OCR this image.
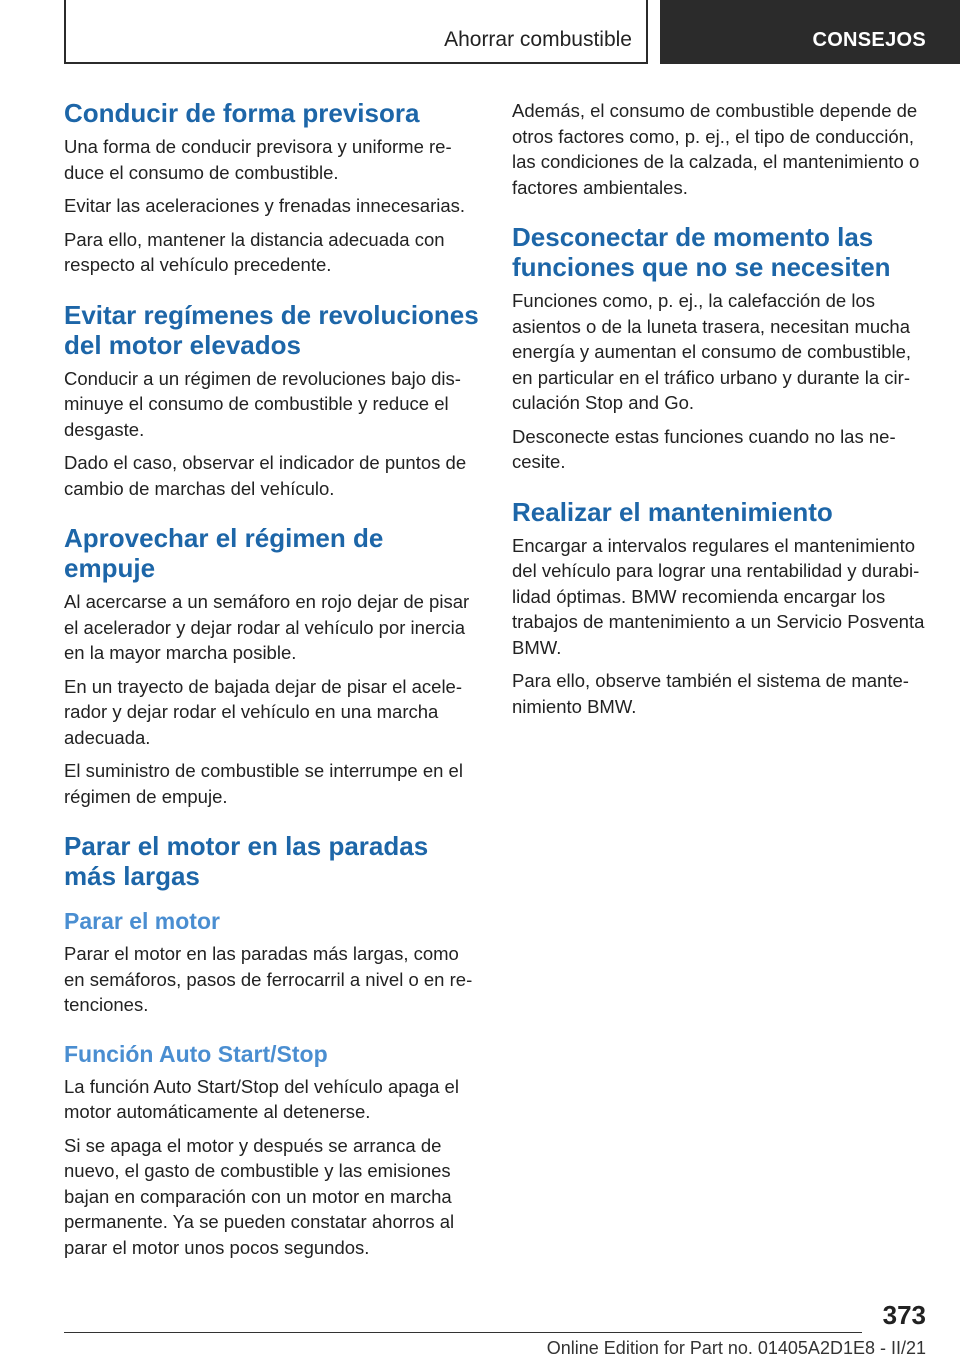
Ahorrar combustible	CONSEJOS
Conducir de forma previsora

Una forma de conducir previsora y uniforme reduce el consumo de combustible.

Evitar las aceleraciones y frenadas innecesarias.

Para ello, mantener la distancia adecuada con respecto al vehículo precedente.

Evitar regímenes de revoluciones del motor elevados

Conducir a un régimen de revoluciones bajo disminuye el consumo de combustible y reduce el desgaste.

Dado el caso, observar el indicador de puntos de cambio de marchas del vehículo.

Aprovechar el régimen de empuje

Al acercarse a un semáforo en rojo dejar de pisar el acelerador y dejar rodar al vehículo por inercia en la mayor marcha posible.

En un trayecto de bajada dejar de pisar el acelerador y dejar rodar el vehículo en una marcha adecuada.

El suministro de combustible se interrumpe en el régimen de empuje.

Parar el motor en las paradas más largas
Parar el motor

Parar el motor en las paradas más largas, como en semáforos, pasos de ferrocarril a nivel o en retenciones.

Función Auto Start/Stop

La función Auto Start/Stop del vehículo apaga el motor automáticamente al detenerse.

Si se apaga el motor y después se arranca de nuevo, el gasto de combustible y las emisiones bajan en comparación con un motor en marcha permanente. Ya se pueden constatar ahorros al parar el motor unos pocos segundos.

Además, el consumo de combustible depende de otros factores como, p. ej., el tipo de conducción, las condiciones de la calzada, el mantenimiento o factores ambientales.

Desconectar de momento las funciones que no se necesiten

Funciones como, p. ej., la calefacción de los asientos o de la luneta trasera, necesitan mucha energía y aumentan el consumo de combustible, en particular en el tráfico urbano y durante la circulación Stop and Go.

Desconecte estas funciones cuando no las necesite.

Realizar el mantenimiento

Encargar a intervalos regulares el mantenimiento del vehículo para lograr una rentabilidad y durabilidad óptimas. BMW recomienda encargar los trabajos de mantenimiento a un Servicio Posventa BMW.

Para ello, observe también el sistema de mantenimiento BMW.

373
Online Edition for Part no. 01405A2D1E8 - II/21
